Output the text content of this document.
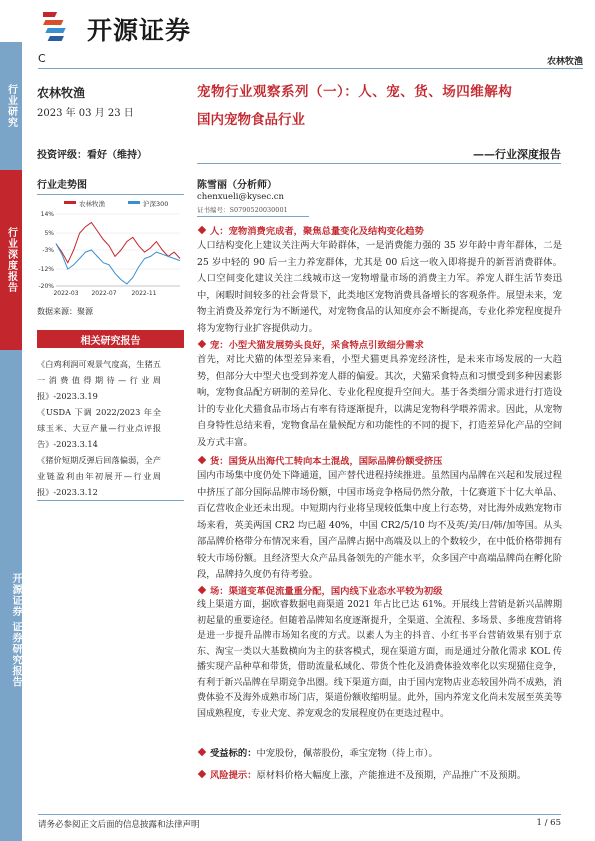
行业研究
行业深度报告
开源证券 证券研究报告
开源证券
C	农林牧渔
农林牧渔
2023 年 03 月 23 日
投资评级：看好（维持）
行业走势图
农林牧渔	沪深300
14%
5%
-3%
-12%
-20%
2022-03 2022-07 2022-11
数据来源：聚源
相关研究报告
《白鸡利润可观景气度高，生猪五一消费值得期待—行业周报》-2023.3.19
《USDA 下调 2022/2023 年全球玉米、大豆产量—行业点评报告》-2023.3.14
《猪价短期反弹后回落偏弱，全产业链盈利由年初展开—行业周报》-2023.3.12
宠物行业观察系列（一）：人、宠、货、场四维解构
国内宠物食品行业
——行业深度报告
陈雪丽（分析师）
chenxueli@kysec.cn
证书编号：S0790520030001
人：宠物消费完成者，聚焦总量变化及结构变化趋势
人口结构变化上建议关注两大年龄群体，一是消费能力强的 35 岁年龄中青年群体，二是 25 岁中轻的 90 后一主力养宠群体，尤其是 00 后这一收入即将提升的新晋消费群体。人口空间变化建议关注二线城市这一宠物增量市场的消费主力军。养宠人群生活节奏迅中，闲暇时间较多的社会背景下，此类地区宠物消费具备增长的客观条件。展望未来，宠物主消费及养宠行为不断递代，对宠物食品的认知度亦会不断提高，专业化养宠程度提升将为宠物行业扩容提供动力。
宠：小型犬猫发展势头良好，采食特点引致细分需求
首先，对比犬猫的体型差异来看，小型犬猫更具养宠经济性，是未来市场发展的一大趋势，但部分大中型犬也受到养宠人群的偏爱。其次，犬猫采食特点和习惯受到多种因素影响，宠物食品配方研制的差异化、专业化程度提升空间大。基于各类细分需求进行打造设计的专业化犬猫食品市场占有率有待逐渐提升，以满足宠物科学喂养需求。因此，从宠物自身特性总结来看，宠物食品在量候配方和功能性的不同的提下，打造差异化产品的空间及方式丰富。
货：国货从出海代工转向本土混战，国际品牌份额受挤压
国内市场集中度仍处下降通道，国产替代进程持续推进。虽然国内品牌在兴起和发展过程中挤压了部分国际品牌市场份额，中国市场竞争格局仍然分散，十亿赛道下十亿大单品、百亿营收企业还未出现。中短期内行业将呈现较低集中度上行态势，对比海外成熟宠物市场来看，英美两国 CR2 均已超 40%，中国 CR2/5/10 均不及英/美/日/韩/加等国。从头部品牌价格带分布情况来看，国产品牌占据中高端及以上的个数较少，在中低价格带拥有较大市场份额。且经济型大众产品具备领先的产能水平，众多国产中高端品牌尚在孵化阶段，品牌持久度仍有待考验。
场：渠道变革促流量重分配，国内线下业态水平较为初级
线上渠道方面，据欧睿数据电商渠道 2021 年占比已达 61%。开展线上营销是新兴品牌期初起量的重要途径。但随着品牌知名度逐渐提升，全渠道、全流程、多场景、多维度营销将是进一步提升品牌市场知名度的方式。以素人为主的抖音、小红书平台营销效果有别于京东、淘宝一类以大基数横向为主的获客模式，现在渠道方面，而是通过分散化需求 KOL 传播实现产品种草和带货，借助流量私域化、带货个性化及消费体验效率化以实现猫住竞争，有利于新兴品牌在早期竞争出圈。线下渠道方面，由于国内宠物店业态较国外尚不成熟，消费体验不及海外成熟市场门店，渠道份额收缩明显。此外，国内养宠文化尚未发展至英美等国成熟程度，专业犬宠、养宠观念的发展程度仍在更迭过程中。
受益标的：中宠股份，佩蒂股份，乖宝宠物（待上市）。
风险提示：原材料价格大幅度上涨，产能推进不及预期，产品推广不及预期。
请务必参阅正文后面的信息披露和法律声明	1 / 65
